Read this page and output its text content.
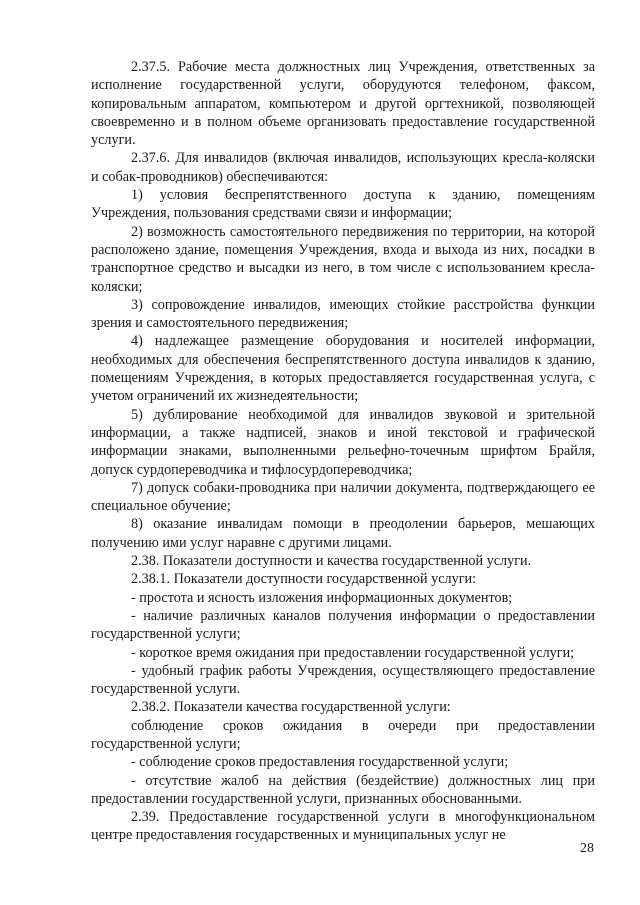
2.37.5. Рабочие места должностных лиц Учреждения, ответственных за исполнение государственной услуги, оборудуются телефоном, факсом, копировальным аппаратом, компьютером и другой оргтехникой, позволяющей своевременно и в полном объеме организовать предоставление государственной услуги.

2.37.6. Для инвалидов (включая инвалидов, использующих кресла-коляски и собак-проводников) обеспечиваются:

1) условия беспрепятственного доступа к зданию, помещениям Учреждения, пользования средствами связи и информации;

2) возможность самостоятельного передвижения по территории, на которой расположено здание, помещения Учреждения, входа и выхода из них, посадки в транспортное средство и высадки из него, в том числе с использованием кресла-коляски;

3) сопровождение инвалидов, имеющих стойкие расстройства функции зрения и самостоятельного передвижения;

4) надлежащее размещение оборудования и носителей информации, необходимых для обеспечения беспрепятственного доступа инвалидов к зданию, помещениям Учреждения, в которых предоставляется государственная услуга, с учетом ограничений их жизнедеятельности;

5) дублирование необходимой для инвалидов звуковой и зрительной информации, а также надписей, знаков и иной текстовой и графической информации знаками, выполненными рельефно-точечным шрифтом Брайля, допуск сурдопереводчика и тифлосурдопереводчика;

7) допуск собаки-проводника при наличии документа, подтверждающего ее специальное обучение;

8) оказание инвалидам помощи в преодолении барьеров, мешающих получению ими услуг наравне с другими лицами.

2.38. Показатели доступности и качества государственной услуги.

2.38.1. Показатели доступности государственной услуги:

- простота и ясность изложения информационных документов;

- наличие различных каналов получения информации о предоставлении государственной услуги;

- короткое время ожидания при предоставлении государственной услуги;

- удобный график работы Учреждения, осуществляющего предоставление государственной услуги.

2.38.2. Показатели качества государственной услуги:

соблюдение сроков ожидания в очереди при предоставлении государственной услуги;

- соблюдение сроков предоставления государственной услуги;

- отсутствие жалоб на действия (бездействие) должностных лиц при предоставлении государственной услуги, признанных обоснованными.

2.39. Предоставление государственной услуги в многофункциональном центре предоставления государственных и муниципальных услуг не

28
